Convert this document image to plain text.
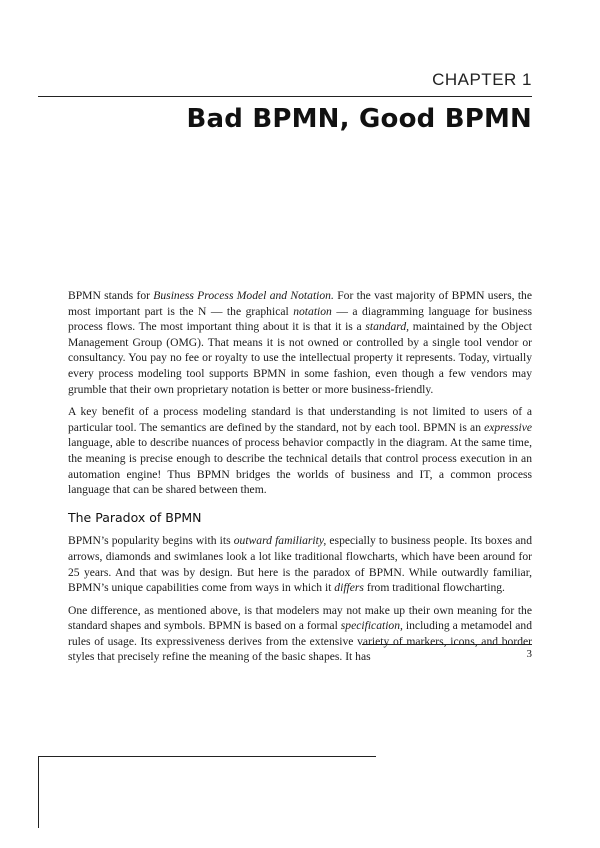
CHAPTER 1
Bad BPMN, Good BPMN

BPMN stands for Business Process Model and Notation. For the vast majority of BPMN users, the most important part is the N — the graphical notation — a diagramming language for business process flows. The most important thing about it is that it is a standard, maintained by the Object Management Group (OMG). That means it is not owned or controlled by a single tool vendor or consultancy. You pay no fee or royalty to use the intellectual property it represents. Today, virtually every process modeling tool supports BPMN in some fashion, even though a few vendors may grumble that their own proprietary notation is better or more business-friendly.

A key benefit of a process modeling standard is that understanding is not limited to users of a particular tool. The semantics are defined by the standard, not by each tool. BPMN is an expressive language, able to describe nuances of process behavior compactly in the diagram. At the same time, the meaning is precise enough to describe the technical details that control process execution in an automation engine! Thus BPMN bridges the worlds of business and IT, a common process language that can be shared between them.

The Paradox of BPMN

BPMN’s popularity begins with its outward familiarity, especially to business people. Its boxes and arrows, diamonds and swimlanes look a lot like traditional flowcharts, which have been around for 25 years. And that was by design. But here is the paradox of BPMN. While outwardly familiar, BPMN’s unique capabilities come from ways in which it differs from traditional flowcharting.

One difference, as mentioned above, is that modelers may not make up their own meaning for the standard shapes and symbols. BPMN is based on a formal specification, including a metamodel and rules of usage. Its expressiveness derives from the extensive variety of markers, icons, and border styles that precisely refine the meaning of the basic shapes. It has	3
